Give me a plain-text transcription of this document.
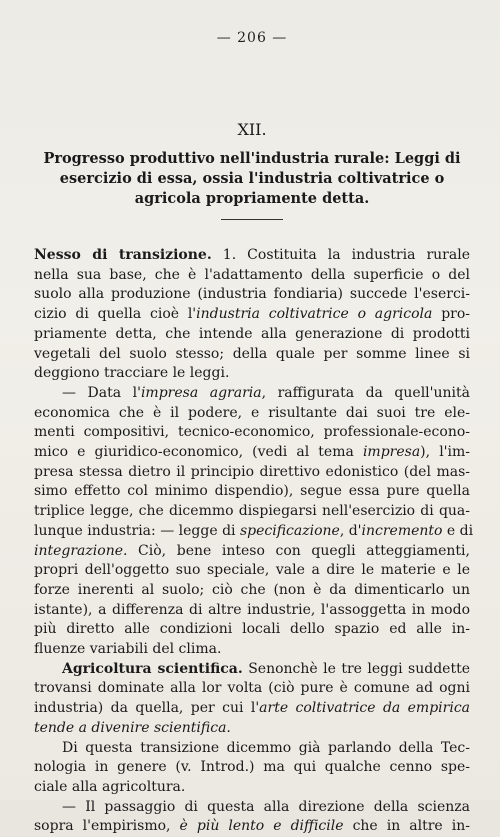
— 206 —
XII.
Progresso produttivo nell'industria rurale: Leggi di
esercizio di essa, ossia l'industria coltivatrice o
agricola propriamente detta.
Nesso di transizione. 1. Costituita la industria rurale
nella sua base, che è l'adattamento della superficie o del
suolo alla produzione (industria fondiaria) succede l'eserci-
cizio di quella cioè l'industria coltivatrice o agricola pro-
priamente detta, che intende alla generazione di prodotti
vegetali del suolo stesso; della quale per somme linee si
deggiono tracciare le leggi.
— Data l'impresa agraria, raffigurata da quell'unità
economica che è il podere, e risultante dai suoi tre ele-
menti compositivi, tecnico-economico, professionale-econo-
mico e giuridico-economico, (vedi al tema impresa), l'im-
presa stessa dietro il principio direttivo edonistico (del mas-
simo effetto col minimo dispendio), segue essa pure quella
triplice legge, che dicemmo dispiegarsi nell'esercizio di qua-
lunque industria: — legge di specificazione, d'incremento e di
integrazione. Ciò, bene inteso con quegli atteggiamenti,
propri dell'oggetto suo speciale, vale a dire le materie e le
forze inerenti al suolo; ciò che (non è da dimenticarlo un
istante), a differenza di altre industrie, l'assoggetta in modo
più diretto alle condizioni locali dello spazio ed alle in-
fluenze variabili del clima.
Agricoltura scientifica. Senonchè le tre leggi suddette
trovansi dominate alla lor volta (ciò pure è comune ad ogni
industria) da quella, per cui l'arte coltivatrice da empirica
tende a divenire scientifica.
Di questa transizione dicemmo già parlando della Tec-
nologia in genere (v. Introd.) ma qui qualche cenno spe-
ciale alla agricoltura.
— Il passaggio di questa alla direzione della scienza
sopra l'empirismo, è più lento e difficile che in altre in-
